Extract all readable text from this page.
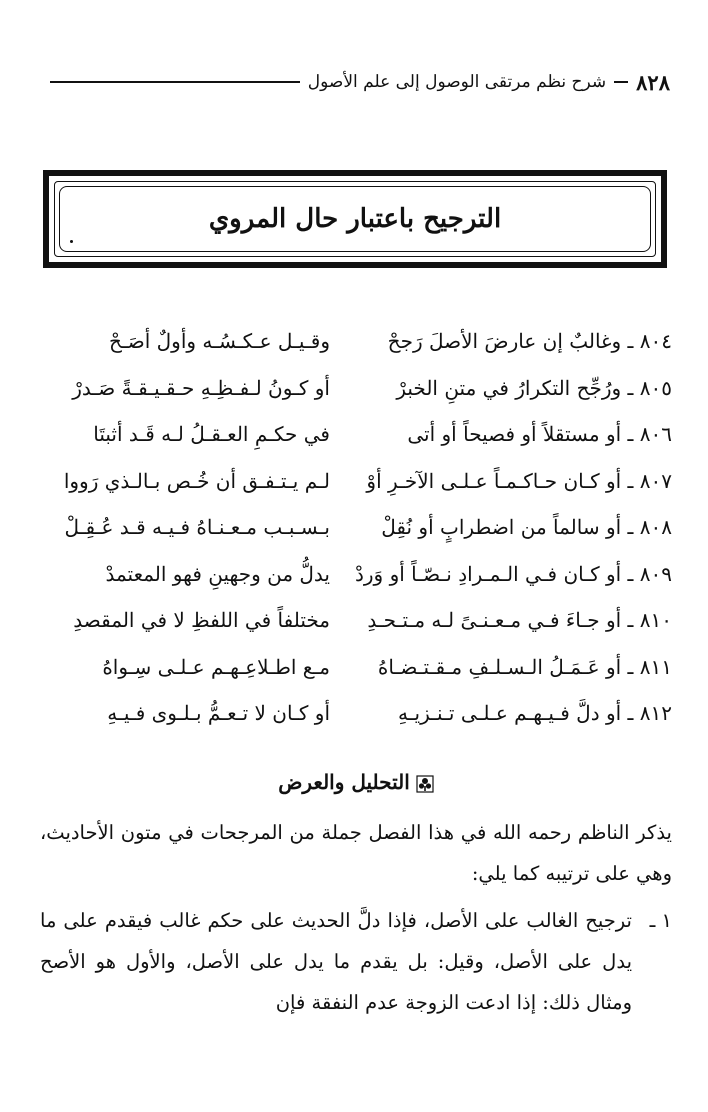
٨٢٨
شرح نظم مرتقى الوصول إلى علم الأصول
الترجيح باعتبار حال المروي
٨٠٤ ـ وغالبٌ إن عارضَ الأصلَ رَجحْ
وقـيـل عـكـسُـه وأولٌ أصَـحْ
٨٠٥ ـ ورُجِّح التكرارُ في متنِ الخبرْ
أو كـونُ لـفـظِـهِ حـقـيـقـةً صَـدرْ
٨٠٦ ـ أو مستقلاً أو فصيحاً أو أتى
في حكـمِ العـقـلُ لـه قَـد أثبتَا
٨٠٧ ـ أو كـان حـاكـمـاً عـلـى الآخـرِ أوْ
لـم يـتـفـق أن خُـص بـالـذي رَووا
٨٠٨ ـ أو سالماً من اضطرابٍ أو نُقِلْ
بـسـبـب مـعـنـاهُ فـيـه قـد عُـقِـلْ
٨٠٩ ـ أو كـان فـي الـمـرادِ نـصّـاً أو وَردْ
يدلُّ من وجهينِ فهو المعتمدْ
٨١٠ ـ أو جـاءَ فـي مـعـنـىً لـه مـتـحـدِ
مختلفاً في اللفظِ لا في المقصدِ
٨١١ ـ أو عَـمَـلُ الـسـلـفِ مـقـتـضـاهُ
مـع اطـلاعِـهـم عـلـى سِـواهُ
٨١٢ ـ أو دلَّ فـيـهـم عـلـى تـنـزيـهِ
أو كـان لا تـعـمُّ بـلـوى فـيـهِ
التحليل والعرض

يذكر الناظم رحمه الله في هذا الفصل جملة من المرجحات في متون الأحاديث، وهي على ترتيبه كما يلي:

١ ـ
ترجيح الغالب على الأصل، فإذا دلَّ الحديث على حكم غالب فيقدم على ما يدل على الأصل، وقيل: بل يقدم ما يدل على الأصل، والأول هو الأصح ومثال ذلك: إذا ادعت الزوجة عدم النفقة فإن
